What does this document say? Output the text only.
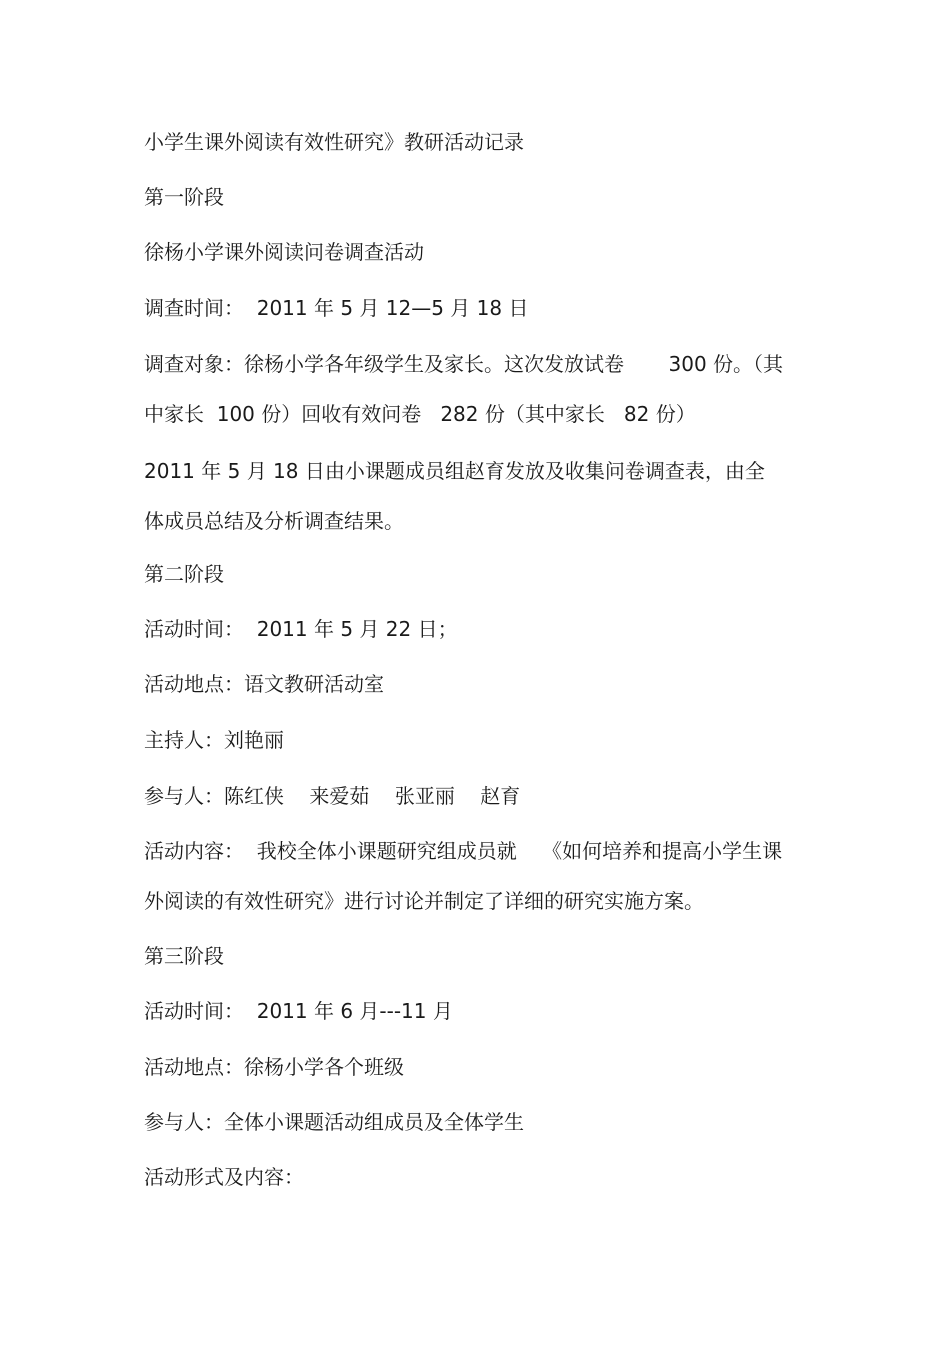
小学生课外阅读有效性研究》教研活动记录
第一阶段
徐杨小学课外阅读问卷调查活动
调查时间：  2011 年 5 月 12—5 月 18 日
调查对象：徐杨小学各年级学生及家长。这次发放试卷       300 份。（其
中家长  100 份）回收有效问卷   282 份（其中家长   82 份）
2011 年 5 月 18 日由小课题成员组赵育发放及收集问卷调查表，由全
体成员总结及分析调查结果。
第二阶段
活动时间：  2011 年 5 月 22 日；
活动地点：语文教研活动室
主持人：刘艳丽
参与人：陈红侠    来爱茹    张亚丽    赵育
活动内容：  我校全体小课题研究组成员就    《如何培养和提高小学生课
外阅读的有效性研究》进行讨论并制定了详细的研究实施方案。
第三阶段
活动时间：  2011 年 6 月---11 月
活动地点：徐杨小学各个班级
参与人：全体小课题活动组成员及全体学生
活动形式及内容：
